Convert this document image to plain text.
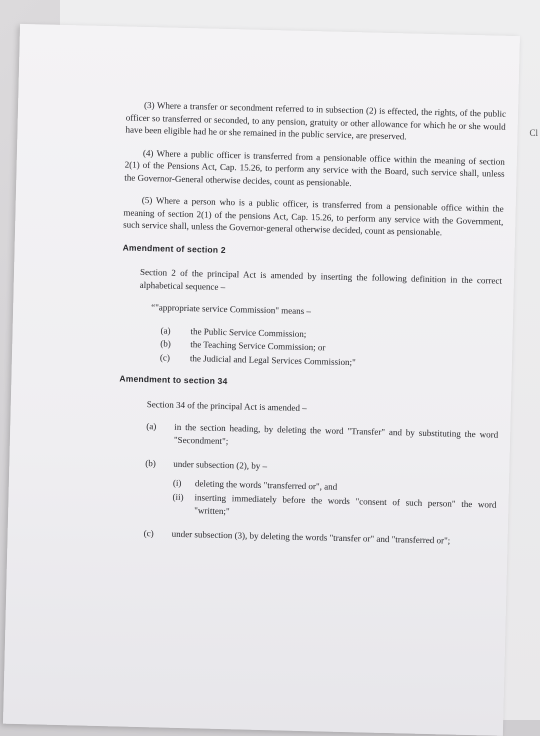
Cl

(3) Where a transfer or secondment referred to in subsection (2) is effected, the rights, of the public officer so transferred or seconded, to any pension, gratuity or other allowance for which he or she would have been eligible had he or she remained in the public service, are preserved.

(4) Where a public officer is transferred from a pensionable office within the meaning of section 2(1) of the Pensions Act, Cap. 15.26, to perform any service with the Board, such service shall, unless the Governor-General otherwise decides, count as pensionable.

(5) Where a person who is a public officer, is transferred from a pensionable office within the meaning of section 2(1) of the pensions Act, Cap. 15.26, to perform any service with the Government, such service shall, unless the Governor-general otherwise decided, count as pensionable.

Amendment of section 2

Section 2 of the principal Act is amended by inserting the following definition in the correct alphabetical sequence –

“"appropriate service Commission" means –

(a)	the Public Service Commission;
(b)	the Teaching Service Commission; or
(c)	the Judicial and Legal Services Commission;"
Amendment to section 34

Section 34 of the principal Act is amended –

(a)	in the section heading, by deleting the word "Transfer" and by substituting the word "Secondment";
(b)	under subsection (2), by –
(i)	deleting the words "transferred or", and
(ii)	inserting immediately before the words "consent of such person" the word "written;"
(c)	under subsection (3), by deleting the words "transfer or" and "transferred or";
